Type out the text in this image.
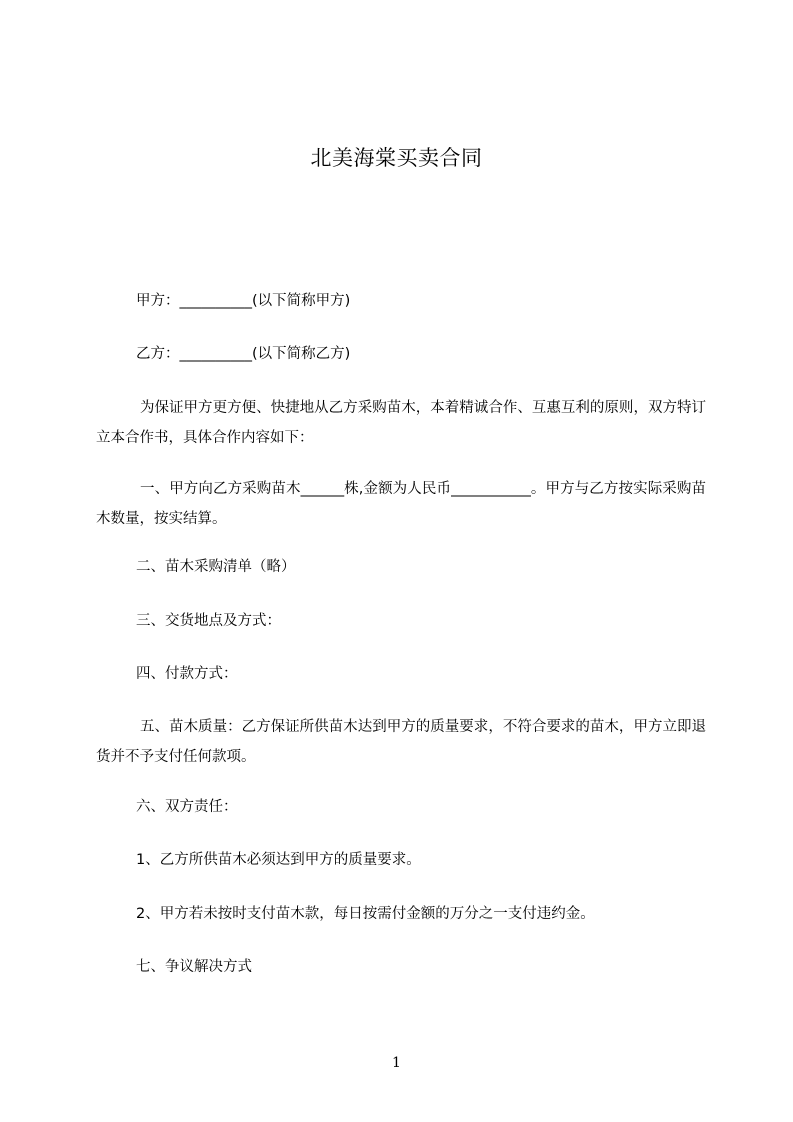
北美海棠买卖合同

甲方：__________(以下简称甲方)

乙方：__________(以下简称乙方)

为保证甲方更方便、快捷地从乙方采购苗木，本着精诚合作、互惠互利的原则，双方特订立本合作书，具体合作内容如下：

一、甲方向乙方采购苗木______株,金额为人民币___________。甲方与乙方按实际采购苗木数量，按实结算。

二、苗木采购清单（略）

三、交货地点及方式：

四、付款方式：

五、苗木质量：乙方保证所供苗木达到甲方的质量要求，不符合要求的苗木，甲方立即退货并不予支付任何款项。

六、双方责任：

1、乙方所供苗木必须达到甲方的质量要求。

2、甲方若未按时支付苗木款，每日按需付金额的万分之一支付违约金。

七、争议解决方式

1
